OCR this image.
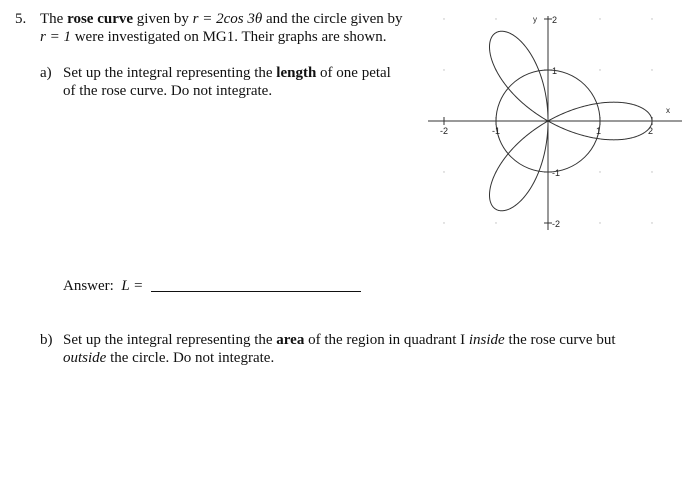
5. The rose curve given by r = 2cos 3θ and the circle given by
r = 1 were investigated on MG1. Their graphs are shown.
a) Set up the integral representing the length of one petal
of the rose curve. Do not integrate.
Answer: L =
b) Set up the integral representing the area of the region in quadrant I inside the rose curve but
outside the circle. Do not integrate.
-2	-1	1	2
2
1
-1
-2
x
y
